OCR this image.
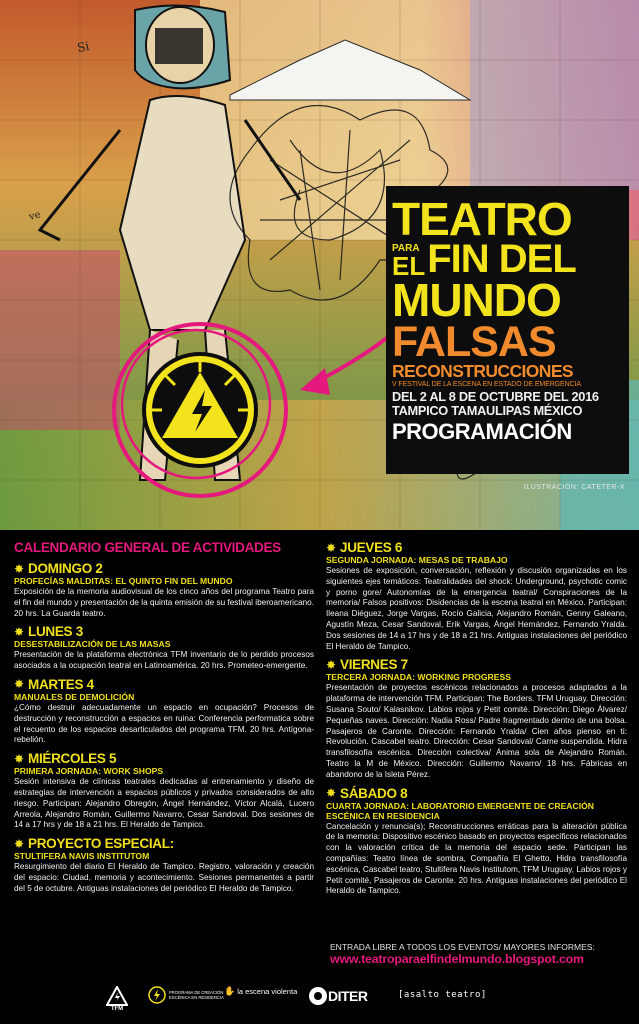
Si
ve	TEATRO
PARA
EL FIN DEL
MUNDO
FALSAS
RECONSTRUCCIONES
V FESTIVAL DE LA ESCENA EN ESTADO DE EMERGENCIA
DEL 2 AL 8 DE OCTUBRE DEL 2016
TAMPICO TAMAULIPAS MÉXICO
PROGRAMACIÓN
ILUSTRACIÓN: CATETER-X
CALENDARIO GENERAL DE ACTIVIDADES
✸ DOMINGO 2
PROFECÍAS MALDITAS: EL QUINTO FIN DEL MUNDO

Exposición de la memoria audiovisual de los cinco años del programa Teatro para el fin del mundo y presentación de la quinta emisión de su festival iberoamericano. 20 hrs. La Guarda teatro.

✸ LUNES 3
DESESTABILIZACIÓN DE LAS MASAS

Presentación de la plataforma electrónica TFM inventario de lo perdido procesos asociados a la ocupación teatral en Latinoamérica. 20 hrs. Prometeo-emergente.

✸ MARTES 4
MANUALES DE DEMOLICIÓN

¿Cómo destruir adecuadamente un espacio en ocupación? Procesos de destrucción y reconstrucción a espacios en ruina: Conferencia performatica sobre el recuento de los espacios desarticulados del programa TFM. 20 hrs. Antígona-rebelión.

✸ MIÉRCOLES 5
PRIMERA JORNADA: WORK SHOPS

Sesión intensiva de clínicas teatrales dedicadas al entrenamiento y diseño de estrategias de intervención a espacios públicos y privados considerados de alto riesgo. Participan: Alejandro Obregón, Ángel Hernández, Víctor Alcalá, Lucero Arreola, Alejandro Román, Guillermo Navarro, Cesar Sandoval. Dos sesiones de 14 a 17 hrs y de 18 a 21 hrs. El Heraldo de Tampico.

✸ PROYECTO ESPECIAL:
STULTIFERA NAVIS INSTITUTOM

Resurgimiento del diario El Heraldo de Tampico. Registro, valoración y creación del espacio: Ciudad, memoria y acontecimiento. Sesiones permanentes a partir del 5 de octubre. Antiguas instalaciones del periódico El Heraldo de Tampico.

✸ JUEVES 6
SEGUNDA JORNADA: MESAS DE TRABAJO

Sesiones de exposición, conversación, reflexión y discusión organizadas en los siguientes ejes temáticos: Teatralidades del shock: Underground, psychotic comic y porno gore/ Autonomías de la emergencia teatral/ Conspiraciones de la memoria/ Falsos positivos: Disidencias de la escena teatral en México. Participan: Ileana Diéguez, Jorge Vargas, Rocío Galicia, Alejandro Román, Genny Galeano, Agustín Meza, Cesar Sandoval, Erik Vargas, Ángel Hernández, Fernando Yralda. Dos sesiones de 14 a 17 hrs y de 18 a 21 hrs. Antiguas instalaciones del periódico El Heraldo de Tampico.

✸ VIERNES 7
TERCERA JORNADA: WORKING PROGRESS

Presentación de proyectos escénicos relacionados a procesos adaptados a la plataforma de intervención TFM. Participan: The Borders. TFM Uruguay. Dirección: Susana Souto/ Kalasnikov. Labios rojos y Petit comité. Dirección: Diego Álvarez/ Pequeñas naves. Dirección: Nadia Ross/ Padre fragmentado dentro de una bolsa. Pasajeros de Caronte. Dirección: Fernando Yralda/ Cien años pienso en ti: Revolución. Cascabel teatro. Dirección: Cesar Sandoval/ Carne suspendida. Hidra transfilosofía escénica. Dirección colectiva/ Ánima sola de Alejandro Román. Teatro la M de México. Dirección: Guillermo Navarro/ 18 hrs. Fábricas en abandono de la Isleta Pérez.

✸ SÁBADO 8
CUARTA JORNADA: LABORATORIO EMERGENTE DE CREACIÓN ESCÉNICA EN RESIDENCIA

Cancelación y renuncia(s); Reconstrucciones erráticas para la alteración pública de la memoria: Dispositivo escénico basado en proyectos específicos relacionados con la valoración crítica de la memoria del espacio sede. Participan las compañías: Teatro línea de sombra, Compañía El Ghetto, Hidra transfilosofía escénica, Cascabel teatro, Stultifera Navis Institutom, TFM Uruguay, Labios rojos y Petit comité, Pasajeros de Caronte. 20 hrs. Antiguas instalaciones del periódico El Heraldo de Tampico.

ENTRADA LIBRE A TODOS LOS EVENTOS/ MAYORES INFORMES:
www.teatroparaelfindelmundo.blogspot.com
TFM
PROGRAMA DE CREACIÓN ESCÉNICA EN RESIDENCIA
✋ la escena violenta DITER	[asalto teatro]
